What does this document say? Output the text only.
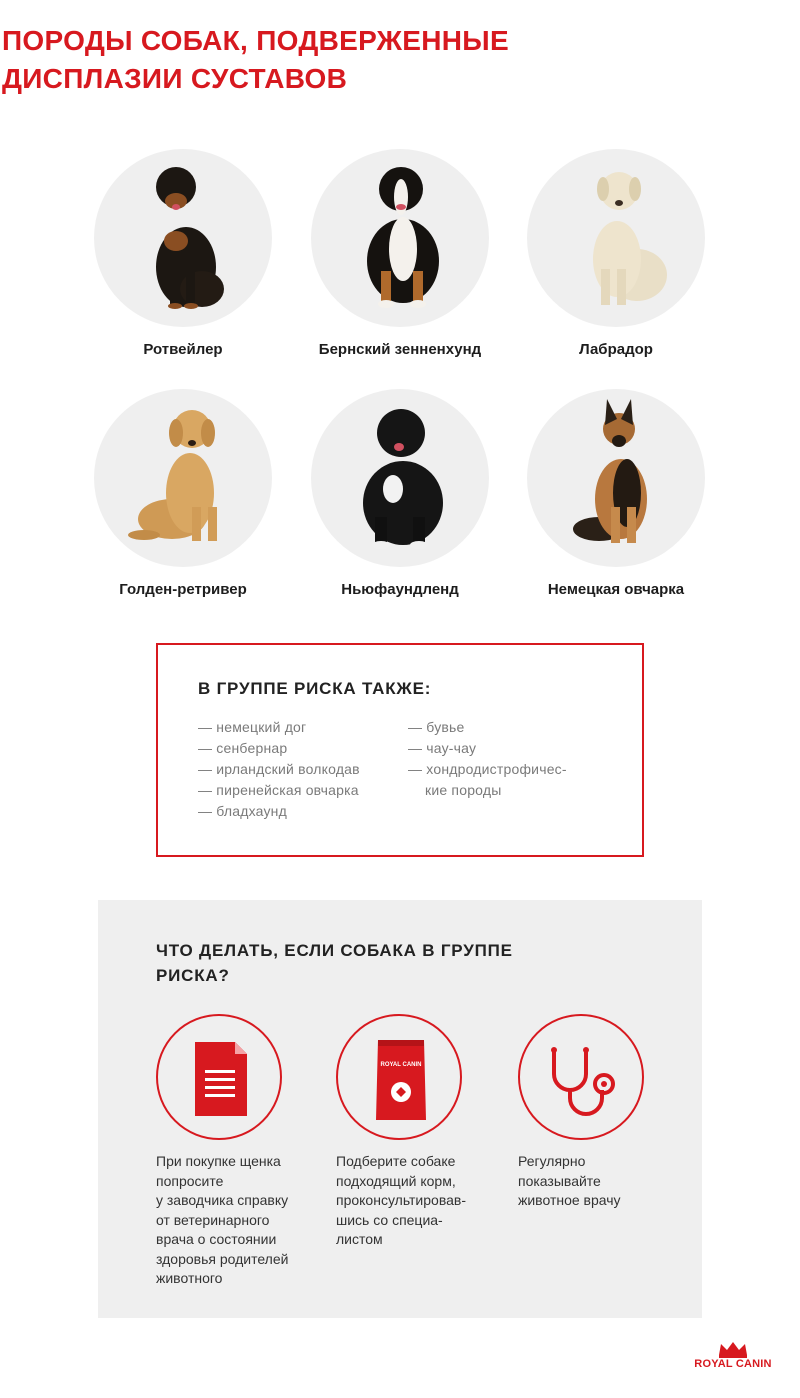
ПОРОДЫ СОБАК, ПОДВЕРЖЕННЫЕ ДИСПЛАЗИИ СУСТАВОВ
Ротвейлер	Бернский зенненхунд	Лабрадор
Голден-ретривер	Ньюфаундленд	Немецкая овчарка
В ГРУППЕ РИСКА ТАКЖЕ:
— немецкий дог
— сенбернар
— ирландский волкодав
— пиренейская овчарка
— бладхаунд
— бувье
— чау-чау
— хондродистрофичес-
кие породы
ЧТО ДЕЛАТЬ, ЕСЛИ СОБАКА В ГРУППЕ РИСКА?
При покупке щенка
попросите
у заводчика справку
от ветеринарного
врача о состоянии
здоровья родителей
животного
ROYAL CANIN
Подберите собаке
подходящий корм,
проконсультировав-
шись со специа-
листом
Регулярно
показывайте
животное врачу
ROYAL CANIN
